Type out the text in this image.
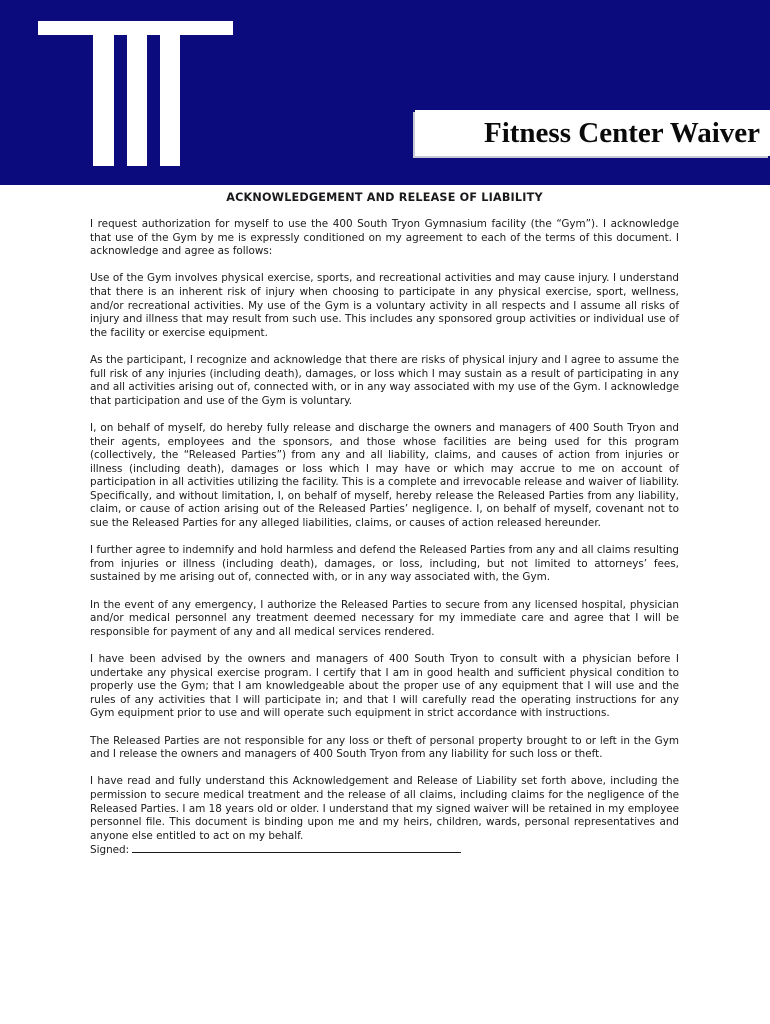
Fitness Center Waiver
ACKNOWLEDGEMENT AND RELEASE OF LIABILITY

I request authorization for myself to use the 400 South Tryon Gymnasium facility (the “Gym”). I acknowledge that use of the Gym by me is expressly conditioned on my agreement to each of the terms of this document. I acknowledge and agree as follows:

Use of the Gym involves physical exercise, sports, and recreational activities and may cause injury. I understand that there is an inherent risk of injury when choosing to participate in any physical exercise, sport, wellness, and/or recreational activities. My use of the Gym is a voluntary activity in all respects and I assume all risks of injury and illness that may result from such use. This includes any sponsored group activities or individual use of the facility or exercise equipment.

As the participant, I recognize and acknowledge that there are risks of physical injury and I agree to assume the full risk of any injuries (including death), damages, or loss which I may sustain as a result of participating in any and all activities arising out of, connected with, or in any way associated with my use of the Gym. I acknowledge that participation and use of the Gym is voluntary.

I, on behalf of myself, do hereby fully release and discharge the owners and managers of 400 South Tryon and their agents, employees and the sponsors, and those whose facilities are being used for this program (collectively, the “Released Parties”) from any and all liability, claims, and causes of action from injuries or illness (including death), damages or loss which I may have or which may accrue to me on account of participation in all activities utilizing the facility. This is a complete and irrevocable release and waiver of liability. Specifically, and without limitation, I, on behalf of myself, hereby release the Released Parties from any liability, claim, or cause of action arising out of the Released Parties’ negligence. I, on behalf of myself, covenant not to sue the Released Parties for any alleged liabilities, claims, or causes of action released hereunder.

I further agree to indemnify and hold harmless and defend the Released Parties from any and all claims resulting from injuries or illness (including death), damages, or loss, including, but not limited to attorneys’ fees, sustained by me arising out of, connected with, or in any way associated with, the Gym.

In the event of any emergency, I authorize the Released Parties to secure from any licensed hospital, physician and/or medical personnel any treatment deemed necessary for my immediate care and agree that I will be responsible for payment of any and all medical services rendered.

I have been advised by the owners and managers of 400 South Tryon to consult with a physician before I undertake any physical exercise program. I certify that I am in good health and sufficient physical condition to properly use the Gym; that I am knowledgeable about the proper use of any equipment that I will use and the rules of any activities that I will participate in; and that I will carefully read the operating instructions for any Gym equipment prior to use and will operate such equipment in strict accordance with instructions.

The Released Parties are not responsible for any loss or theft of personal property brought to or left in the Gym and I release the owners and managers of 400 South Tryon from any liability for such loss or theft.

I have read and fully understand this Acknowledgement and Release of Liability set forth above, including the permission to secure medical treatment and the release of all claims, including claims for the negligence of the Released Parties. I am 18 years old or older. I understand that my signed waiver will be retained in my employee personnel file. This document is binding upon me and my heirs, children, wards, personal representatives and anyone else entitled to act on my behalf.

Signed:
